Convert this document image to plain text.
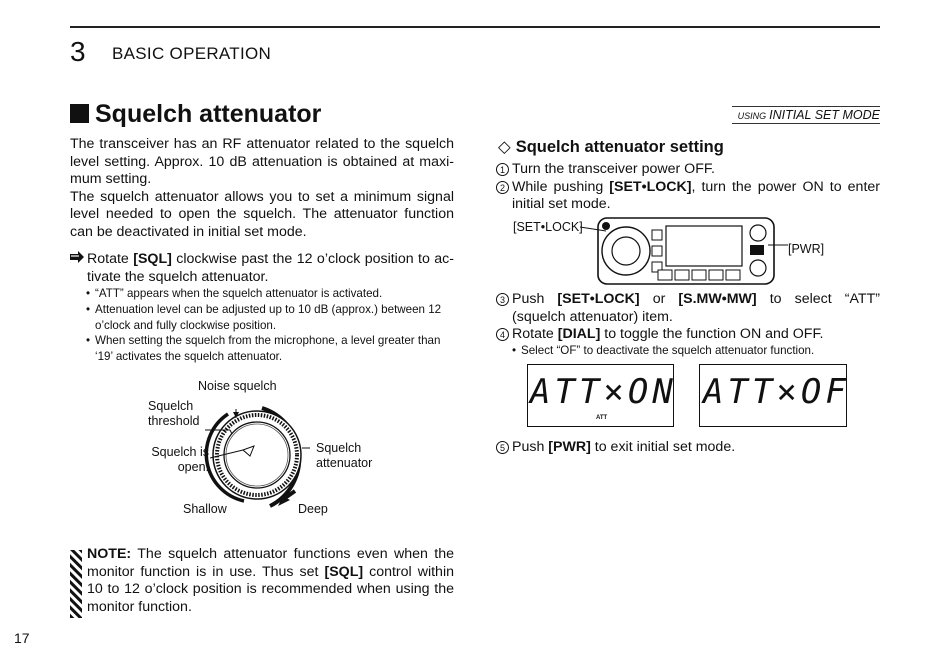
3 BASIC OPERATION
Squelch attenuator	USING INITIAL SET MODE
The transceiver has an RF attenuator related to the squelch level setting. Approx. 10 dB attenuation is obtained at maximum setting.
The squelch attenuator allows you to set a minimum signal level needed to open the squelch. The attenuator function can be deactivated in initial set mode.
Rotate [SQL] clockwise past the 12 o’clock position to activate the squelch attenuator.
• “ATT” appears when the squelch attenuator is activated.
• Attenuation level can be adjusted up to 10 dB (approx.) between 12 o’clock and fully clockwise position.
• When setting the squelch from the microphone, a level greater than ‘19’ activates the squelch attenuator.
Noise squelch
Squelch
threshold
Squelch is
open.
Squelch
attenuator
Shallow	Deep
NOTE: The squelch attenuator functions even when the monitor function is in use. Thus set [SQL] control within 10 to 12 o’clock position is recommended when using the monitor function.
◇ Squelch attenuator setting
1 Turn the transceiver power OFF.
2 While pushing [SET•LOCK], turn the power ON to enter initial set mode.
[SET•LOCK]
[PWR]
3 Push [SET•LOCK] or [S.MW•MW] to select “ATT” (squelch attenuator) item.
4 Rotate [DIAL] to toggle the function ON and OFF.
• Select “OF” to deactivate the squelch attenuator function.
ATT×ON
ATT
ATT×OF
5 Push [PWR] to exit initial set mode.
17
